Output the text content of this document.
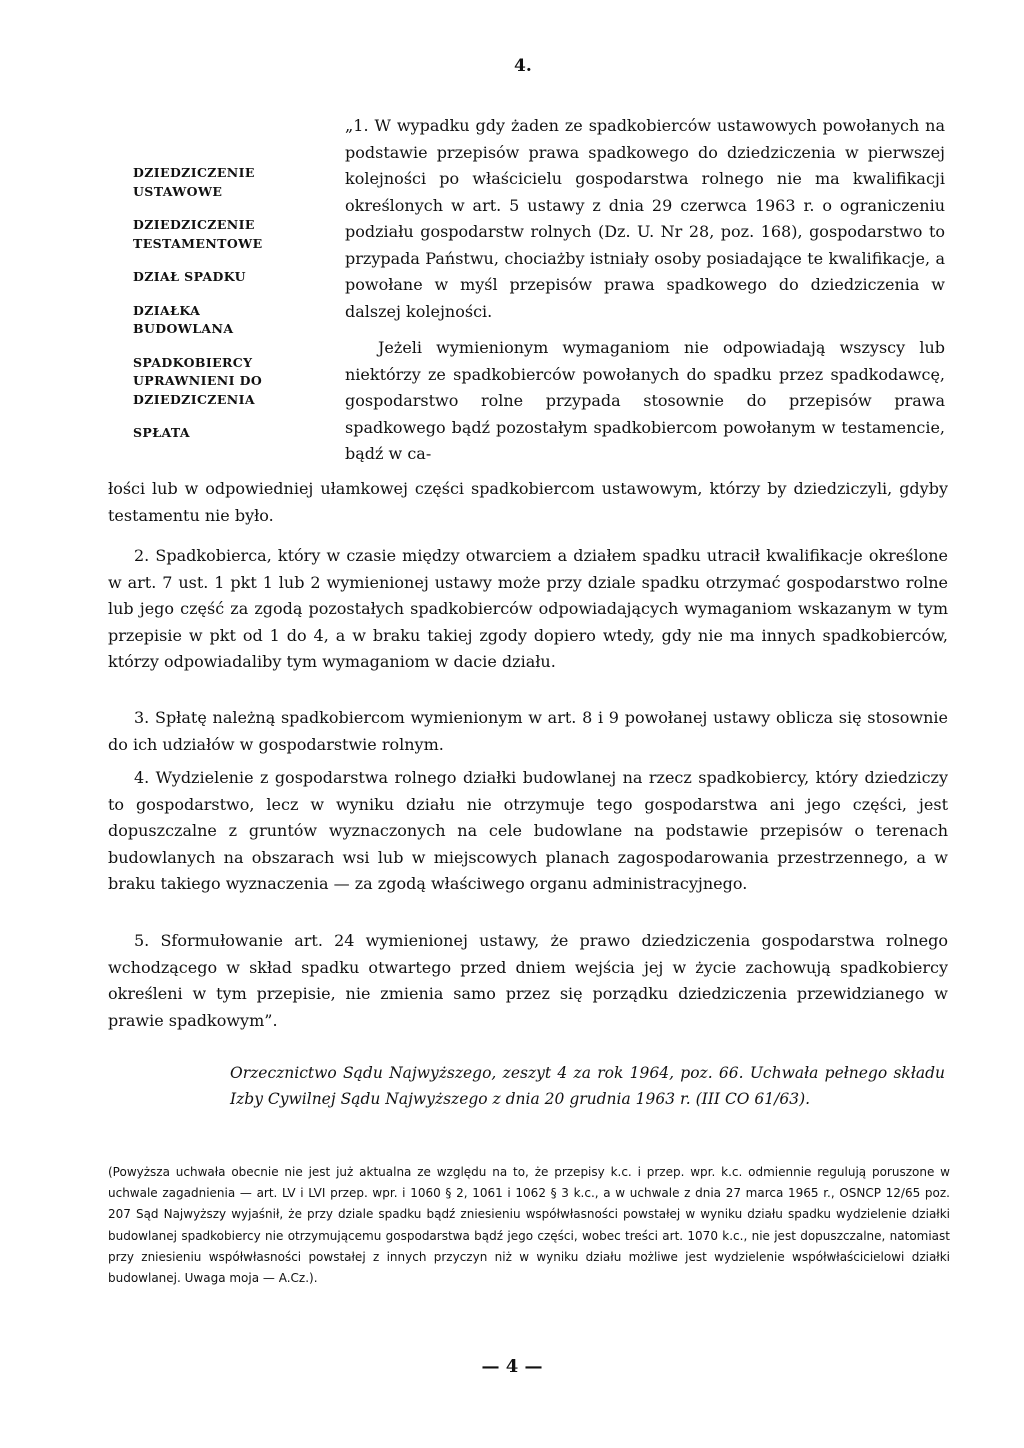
4.
DZIEDZICZENIE USTAWOWE
DZIEDZICZENIE TESTAMENTOWE
DZIAŁ SPADKU
DZIAŁKA BUDOWLANA
SPADKOBIERCY UPRAWNIENI DO DZIEDZICZENIA
SPŁATA

„1. W wypadku gdy żaden ze spadkobierców ustawowych powołanych na podstawie przepisów prawa spadkowego do dziedziczenia w pierwszej kolejności po właścicielu gospodarstwa rolnego nie ma kwalifikacji określonych w art. 5 ustawy z dnia 29 czerwca 1963 r. o ograniczeniu podziału gospodarstw rolnych (Dz. U. Nr 28, poz. 168), gospodarstwo to przypada Państwu, chociażby istniały osoby posiadające te kwalifikacje, a powołane w myśl przepisów prawa spadkowego do dziedziczenia w dalszej kolejności.

Jeżeli wymienionym wymaganiom nie odpowiadają wszyscy lub niektórzy ze spadkobierców powołanych do spadku przez spadkodawcę, gospodarstwo rolne przypada stosownie do przepisów prawa spadkowego bądź pozostałym spadkobiercom powołanym w testamencie, bądź w ca-

łości lub w odpowiedniej ułamkowej części spadkobiercom ustawowym, którzy by dziedziczyli, gdyby testamentu nie było.

2. Spadkobierca, który w czasie między otwarciem a działem spadku utracił kwalifikacje określone w art. 7 ust. 1 pkt 1 lub 2 wymienionej ustawy może przy dziale spadku otrzymać gospodarstwo rolne lub jego część za zgodą pozostałych spadkobierców odpowiadających wymaganiom wskazanym w tym przepisie w pkt od 1 do 4, a w braku takiej zgody dopiero wtedy, gdy nie ma innych spadkobierców, którzy odpowiadaliby tym wymaganiom w dacie działu.

3. Spłatę należną spadkobiercom wymienionym w art. 8 i 9 powołanej ustawy oblicza się stosownie do ich udziałów w gospodarstwie rolnym.

4. Wydzielenie z gospodarstwa rolnego działki budowlanej na rzecz spadkobiercy, który dziedziczy to gospodarstwo, lecz w wyniku działu nie otrzymuje tego gospodarstwa ani jego części, jest dopuszczalne z gruntów wyznaczonych na cele budowlane na podstawie przepisów o terenach budowlanych na obszarach wsi lub w miejscowych planach zagospodarowania przestrzennego, a w braku takiego wyznaczenia — za zgodą właściwego organu administracyjnego.

5. Sformułowanie art. 24 wymienionej ustawy, że prawo dziedziczenia gospodarstwa rolnego wchodzącego w skład spadku otwartego przed dniem wejścia jej w życie zachowują spadkobiercy określeni w tym przepisie, nie zmienia samo przez się porządku dziedziczenia przewidzianego w prawie spadkowym”.

Orzecznictwo Sądu Najwyższego, zeszyt 4 za rok 1964, poz. 66. Uchwała pełnego składu Izby Cywilnej Sądu Najwyższego z dnia 20 grudnia 1963 r. (III CO 61/63).
(Powyższa uchwała obecnie nie jest już aktualna ze względu na to, że przepisy k.c. i przep. wpr. k.c. odmiennie regulują poruszone w uchwale zagadnienia — art. LV i LVI przep. wpr. i 1060 § 2, 1061 i 1062 § 3 k.c., a w uchwale z dnia 27 marca 1965 r., OSNCP 12/65 poz. 207 Sąd Najwyższy wyjaśnił, że przy dziale spadku bądź zniesieniu współwłasności powstałej w wyniku działu spadku wydzielenie działki budowlanej spadkobiercy nie otrzymującemu gospodarstwa bądź jego części, wobec treści art. 1070 k.c., nie jest dopuszczalne, natomiast przy zniesieniu współwłasności powstałej z innych przyczyn niż w wyniku działu możliwe jest wydzielenie współwłaścicielowi działki budowlanej. Uwaga moja — A.Cz.).
— 4 —
